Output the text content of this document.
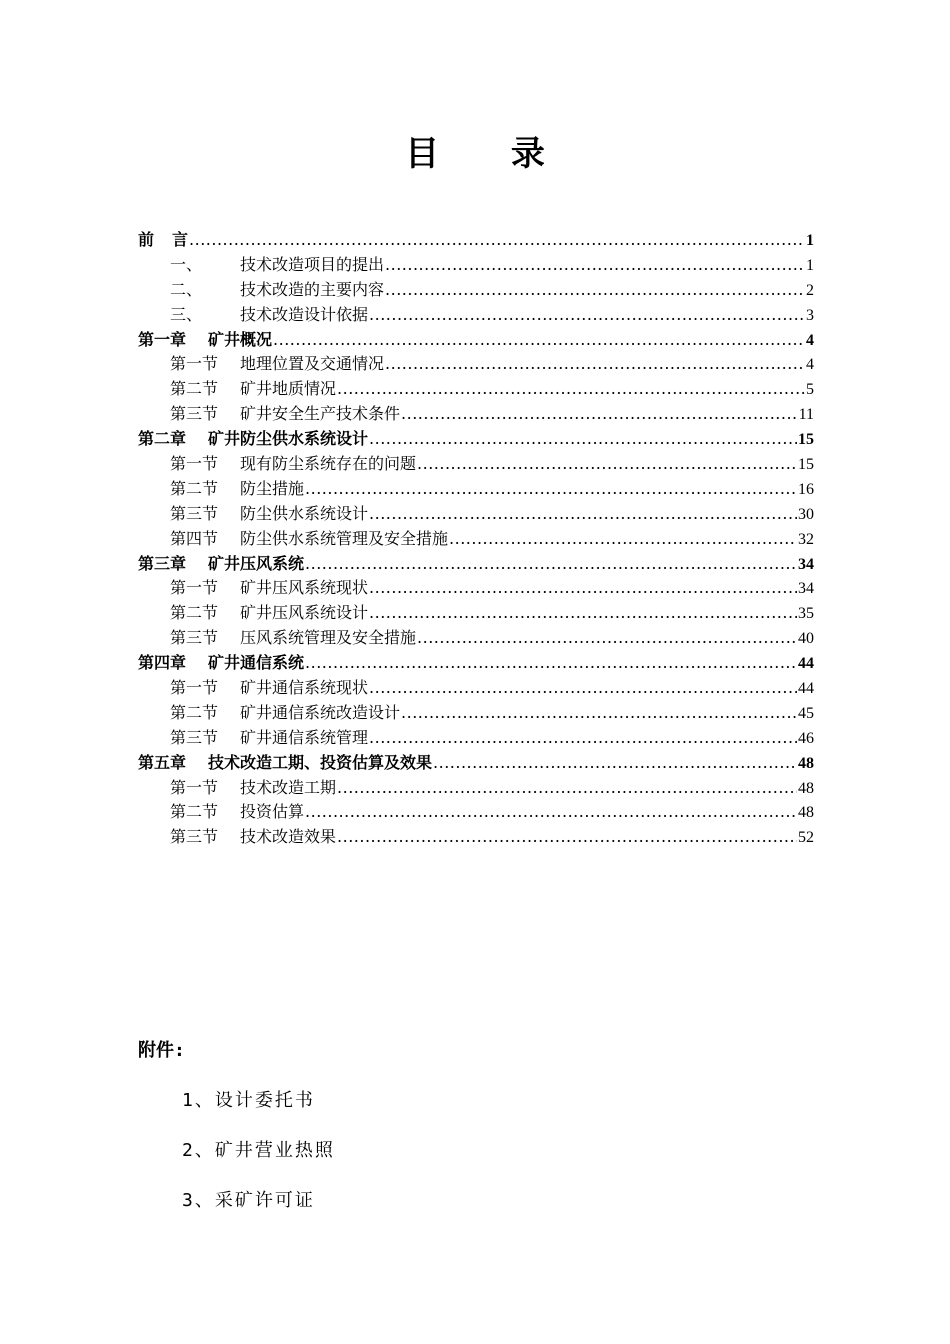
目 录
前 言 .....	1
一、 技术改造项目的提出 .....	1
二、 技术改造的主要内容 .....	2
三、 技术改造设计依据 .....	3
第一章 矿井概况 .....	4
第一节 地理位置及交通情况 .....	4
第二节 矿井地质情况 .....	5
第三节 矿井安全生产技术条件 .....	11
第二章 矿井防尘供水系统设计 .....	15
第一节 现有防尘系统存在的问题 .....	15
第二节 防尘措施 .....	16
第三节 防尘供水系统设计 .....	30
第四节 防尘供水系统管理及安全措施 .....	32
第三章 矿井压风系统 .....	34
第一节 矿井压风系统现状 .....	34
第二节 矿井压风系统设计 .....	35
第三节 压风系统管理及安全措施 .....	40
第四章 矿井通信系统 .....	44
第一节 矿井通信系统现状 .....	44
第二节 矿井通信系统改造设计 .....	45
第三节 矿井通信系统管理 .....	46
第五章 技术改造工期、投资估算及效果 .....	48
第一节 技术改造工期 .....	48
第二节 投资估算 .....	48
第三节 技术改造效果 .....	52
附件:
1、设计委托书
2、矿井营业热照
3、采矿许可证
